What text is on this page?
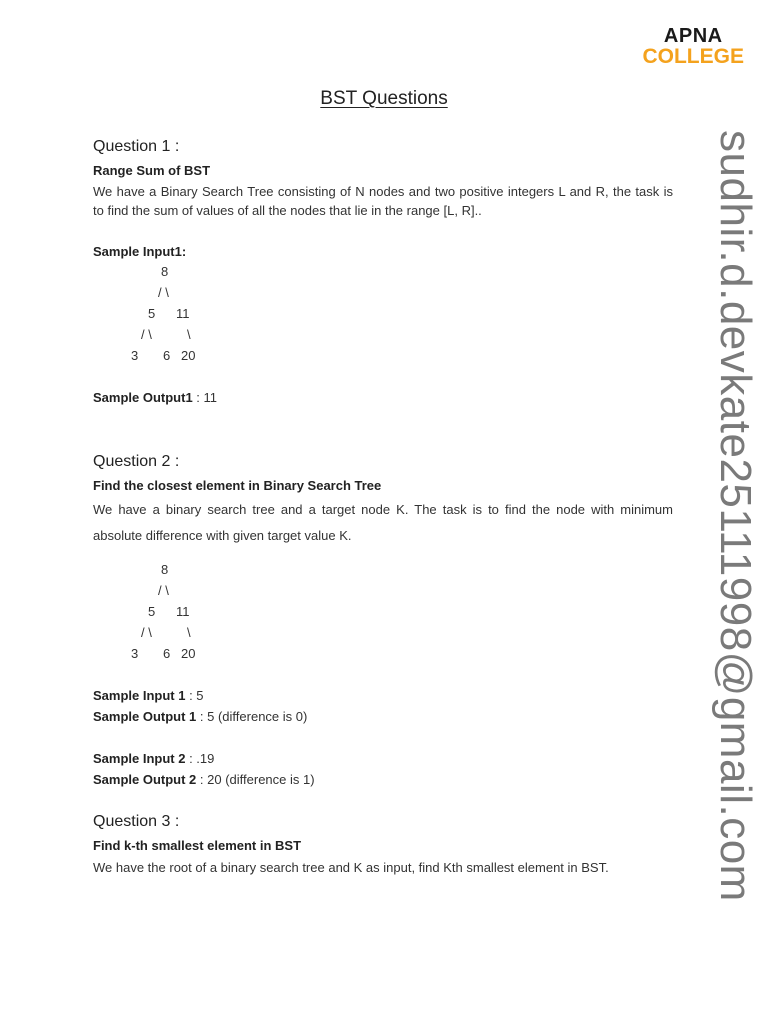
APNA
COLLEGE
BST Questions
sudhir.d.devkate25111998@gmail.com
Question 1 :
Range Sum of BST
We have a Binary Search Tree consisting of N nodes and two positive integers L and R, the task is to find the sum of values of all the nodes that lie in the range [L, R]..
Sample Input1:
8
/ \
5 11
/ \	\
3 6 20
Sample Output1 : 11
Question 2 :
Find the closest element in Binary Search Tree
We have a binary search tree and a target node K. The task is to find the node with minimum absolute difference with given target value K.
8
/ \
5 11
/ \	\
3 6 20
Sample Input 1 : 5
Sample Output 1 : 5 (difference is 0)
Sample Input 2 : .19
Sample Output 2 : 20 (difference is 1)
Question 3 :
Find k-th smallest element in BST
We have the root of a binary search tree and K as input, find Kth smallest element in BST.
